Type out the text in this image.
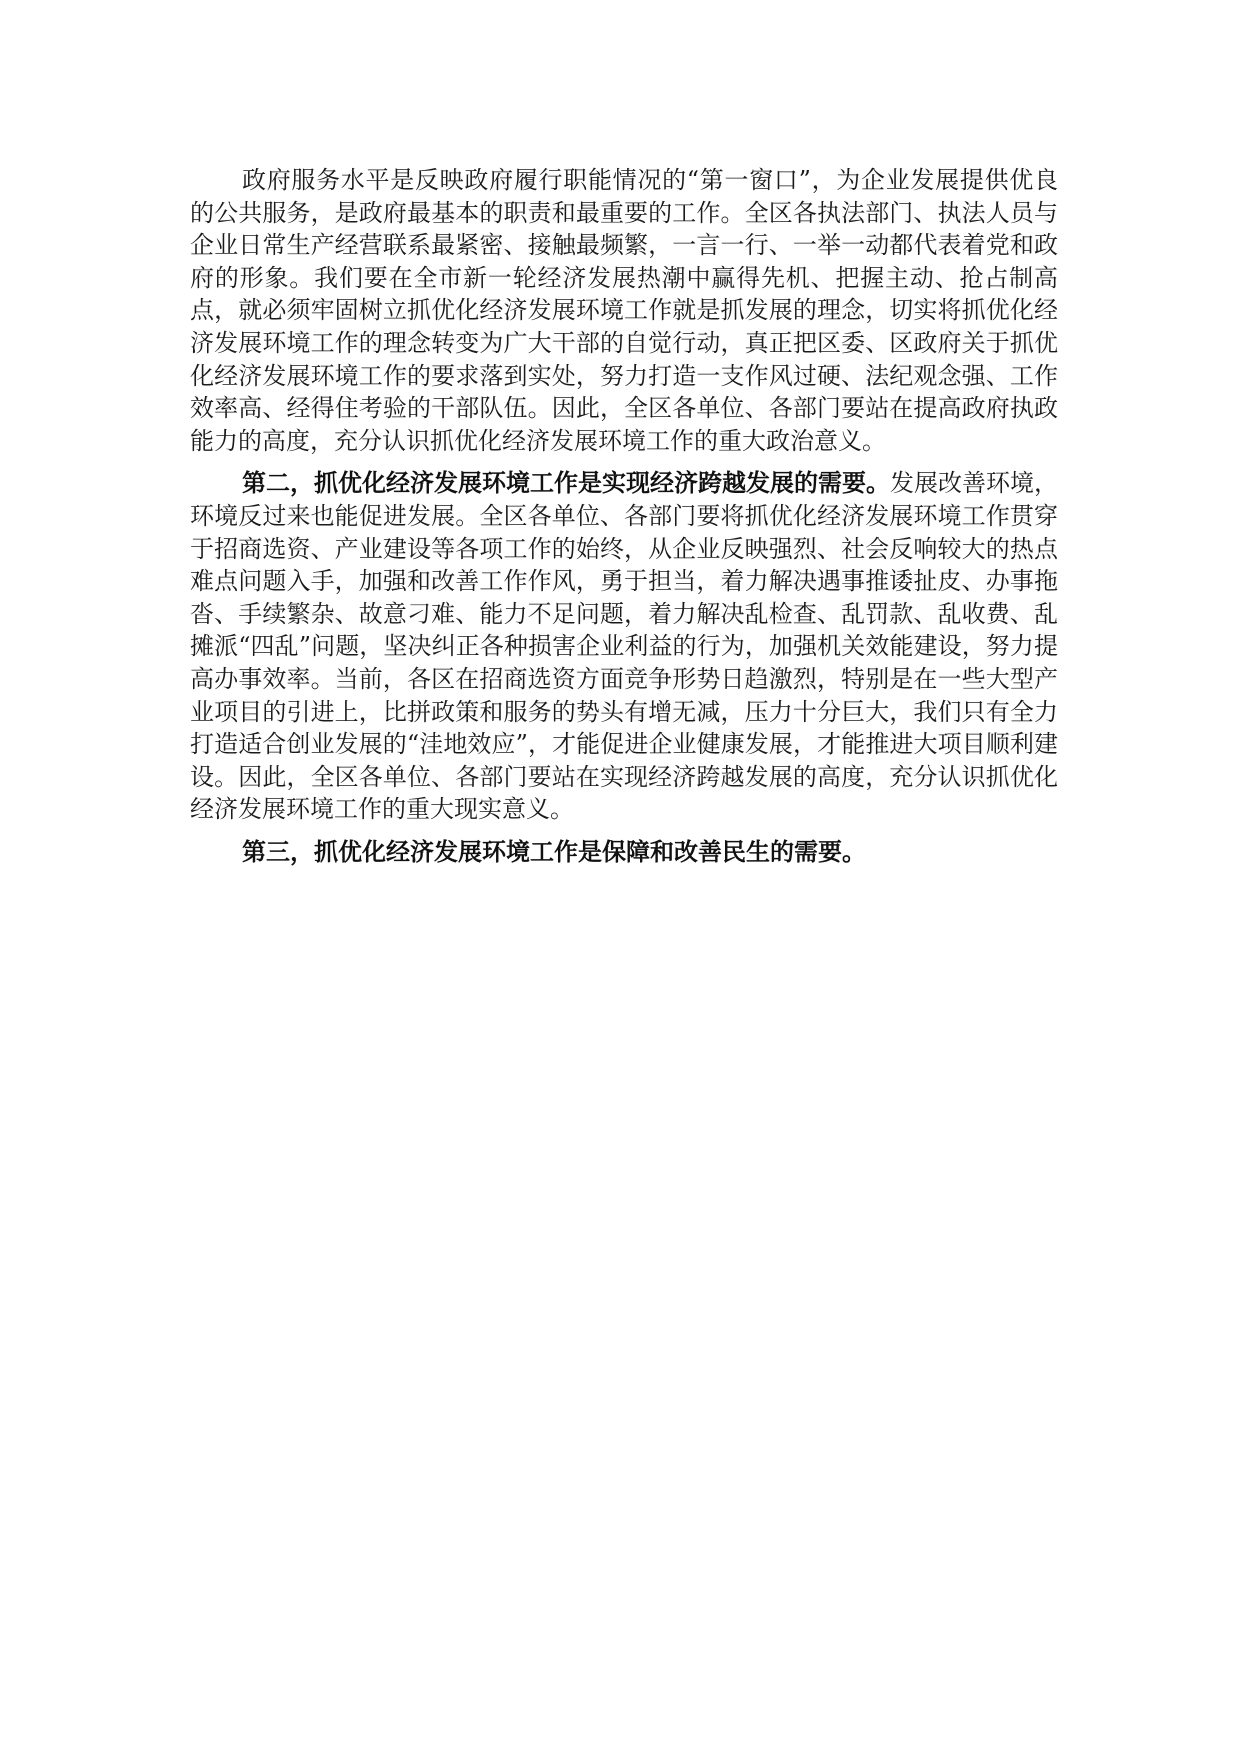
政府服务水平是反映政府履行职能情况的“第一窗口”，为企业发展提供优良的公共服务，是政府最基本的职责和最重要的工作。全区各执法部门、执法人员与企业日常生产经营联系最紧密、接触最频繁，一言一行、一举一动都代表着党和政府的形象。我们要在全市新一轮经济发展热潮中赢得先机、把握主动、抢占制高点，就必须牢固树立抓优化经济发展环境工作就是抓发展的理念，切实将抓优化经济发展环境工作的理念转变为广大干部的自觉行动，真正把区委、区政府关于抓优化经济发展环境工作的要求落到实处，努力打造一支作风过硬、法纪观念强、工作效率高、经得住考验的干部队伍。因此，全区各单位、各部门要站在提高政府执政能力的高度，充分认识抓优化经济发展环境工作的重大政治意义。

第二，抓优化经济发展环境工作是实现经济跨越发展的需要。发展改善环境，环境反过来也能促进发展。全区各单位、各部门要将抓优化经济发展环境工作贯穿于招商选资、产业建设等各项工作的始终，从企业反映强烈、社会反响较大的热点难点问题入手，加强和改善工作作风，勇于担当，着力解决遇事推诿扯皮、办事拖沓、手续繁杂、故意刁难、能力不足问题，着力解决乱检查、乱罚款、乱收费、乱摊派“四乱”问题，坚决纠正各种损害企业利益的行为，加强机关效能建设，努力提高办事效率。当前，各区在招商选资方面竞争形势日趋激烈，特别是在一些大型产业项目的引进上，比拼政策和服务的势头有增无减，压力十分巨大，我们只有全力打造适合创业发展的“洼地效应”，才能促进企业健康发展，才能推进大项目顺利建设。因此，全区各单位、各部门要站在实现经济跨越发展的高度，充分认识抓优化经济发展环境工作的重大现实意义。

第三，抓优化经济发展环境工作是保障和改善民生的需要。
